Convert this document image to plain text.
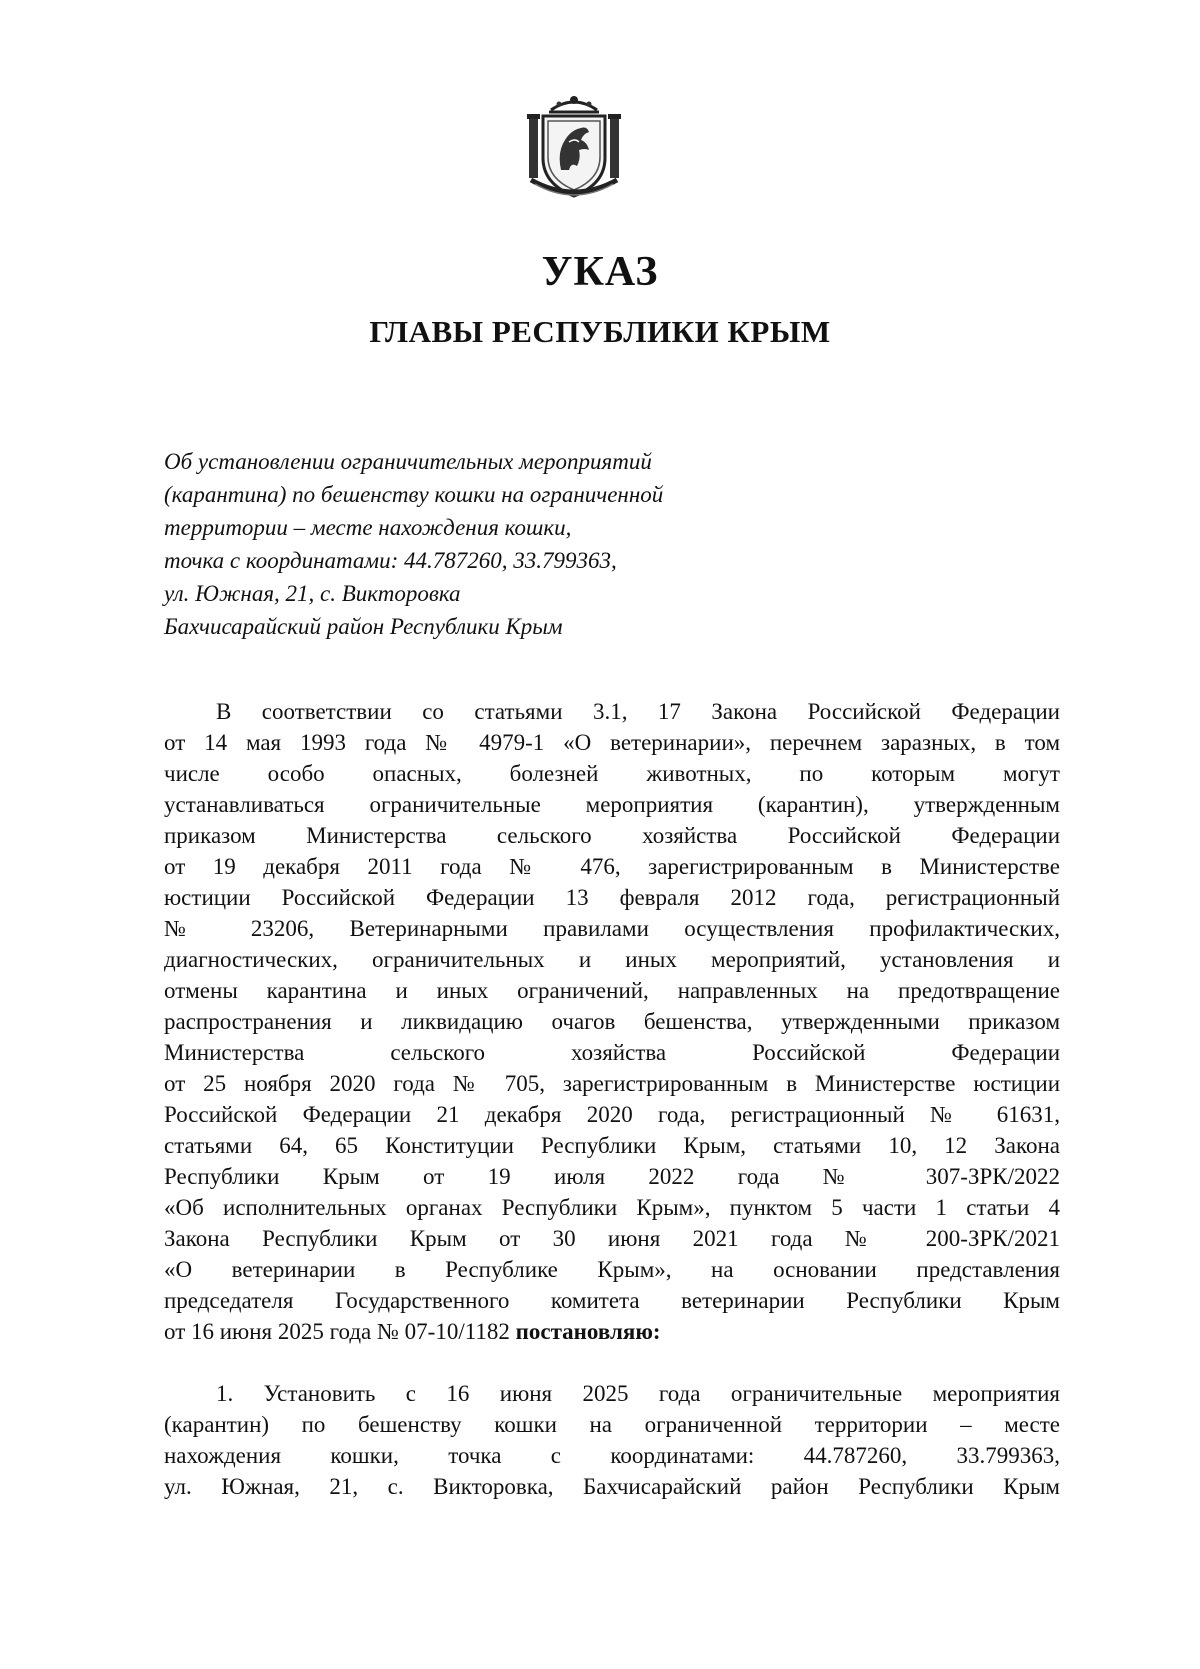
УКАЗ
ГЛАВЫ РЕСПУБЛИКИ КРЫМ
Об установлении ограничительных мероприятий
(карантина) по бешенству кошки на ограниченной
территории – месте нахождения кошки,
точка с координатами: 44.787260, 33.799363,
ул. Южная, 21, с. Викторовка
Бахчисарайский район Республики Крым
В соответствии со статьями 3.1, 17 Закона Российской Федерации
от 14 мая 1993 года № 4979-1 «О ветеринарии», перечнем заразных, в том
числе особо опасных, болезней животных, по которым могут
устанавливаться ограничительные мероприятия (карантин), утвержденным
приказом Министерства сельского хозяйства Российской Федерации
от 19 декабря 2011 года № 476, зарегистрированным в Министерстве
юстиции Российской Федерации 13 февраля 2012 года, регистрационный
№ 23206, Ветеринарными правилами осуществления профилактических,
диагностических, ограничительных и иных мероприятий, установления и
отмены карантина и иных ограничений, направленных на предотвращение
распространения и ликвидацию очагов бешенства, утвержденными приказом
Министерства сельского хозяйства Российской Федерации
от 25 ноября 2020 года № 705, зарегистрированным в Министерстве юстиции
Российской Федерации 21 декабря 2020 года, регистрационный № 61631,
статьями 64, 65 Конституции Республики Крым, статьями 10, 12 Закона
Республики Крым от 19 июля 2022 года № 307-ЗРК/2022
«Об исполнительных органах Республики Крым», пунктом 5 части 1 статьи 4
Закона Республики Крым от 30 июня 2021 года № 200-ЗРК/2021
«О ветеринарии в Республике Крым», на основании представления
председателя Государственного комитета ветеринарии Республики Крым
от 16 июня 2025 года № 07-10/1182 постановляю:
1. Установить с 16 июня 2025 года ограничительные мероприятия
(карантин) по бешенству кошки на ограниченной территории – месте
нахождения кошки, точка с координатами: 44.787260, 33.799363,
ул. Южная, 21, с. Викторовка, Бахчисарайский район Республики Крым
